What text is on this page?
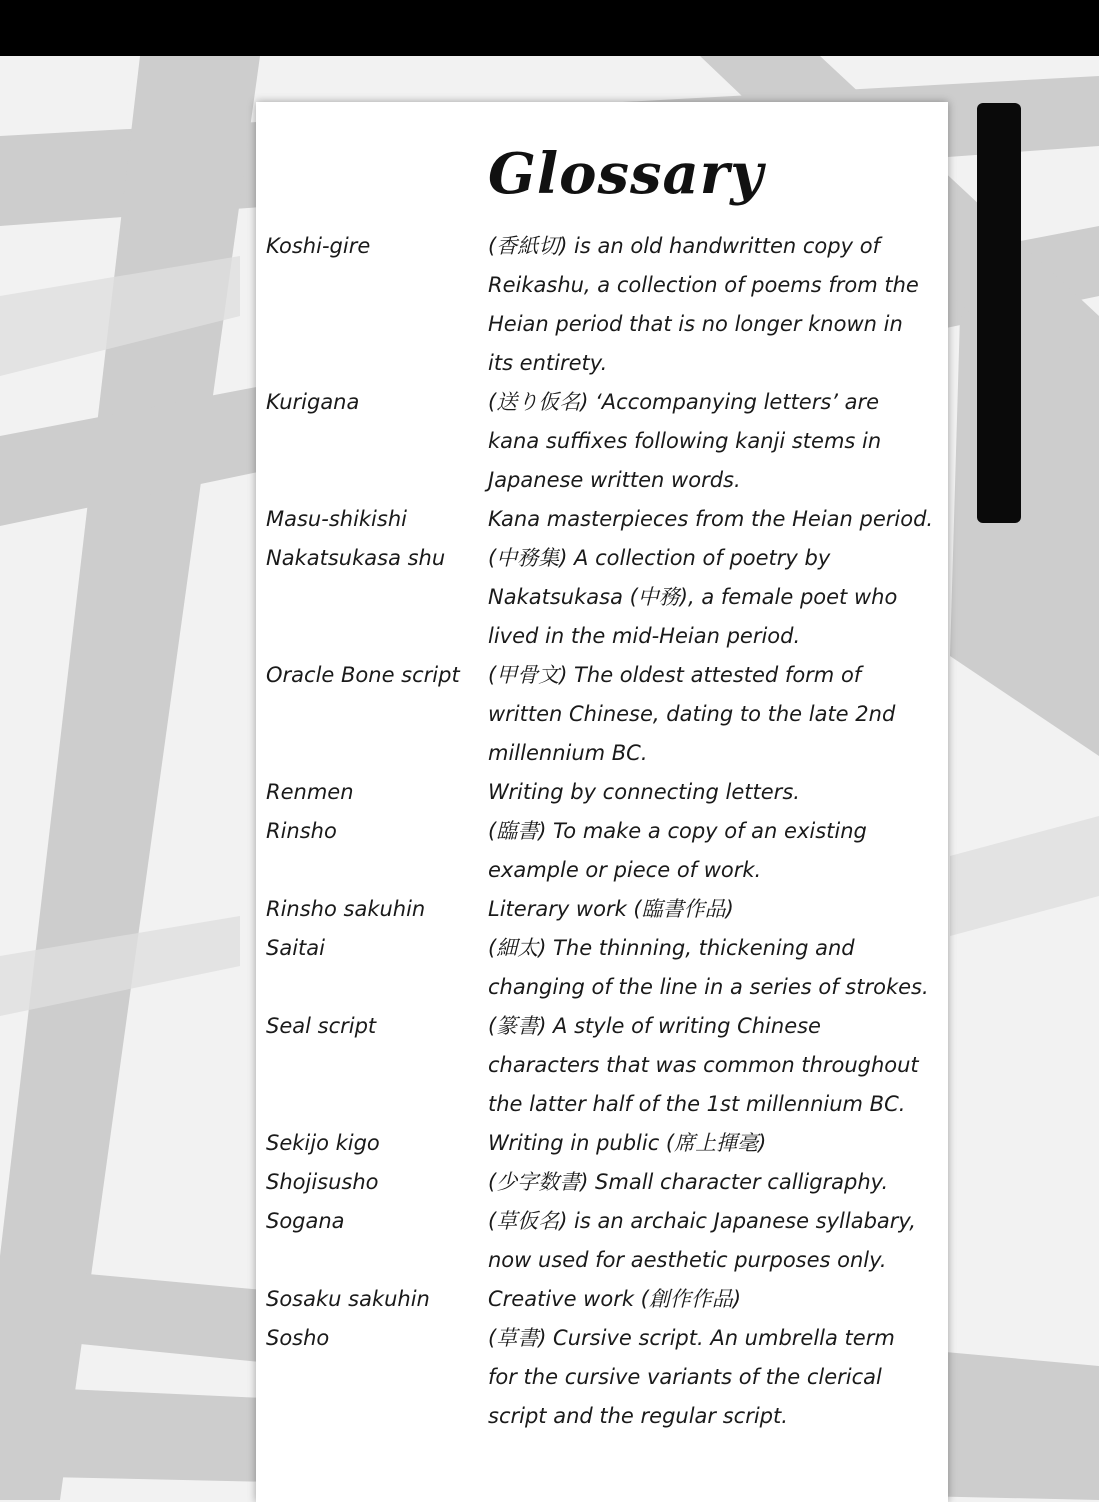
Glossary
Koshi-gire	(香紙切) is an old handwritten copy of
Reikashu, a collection of poems from the
Heian period that is no longer known in
its entirety.
Kurigana	(送り仮名) ‘Accompanying letters’ are
kana suffixes following kanji stems in
Japanese written words.
Masu-shikishi	Kana masterpieces from the Heian period.
Nakatsukasa shu	(中務集) A collection of poetry by
Nakatsukasa (中務), a female poet who
lived in the mid-Heian period.
Oracle Bone script	(甲骨文) The oldest attested form of
written Chinese, dating to the late 2nd
millennium BC.
Renmen	Writing by connecting letters.
Rinsho	(臨書) To make a copy of an existing
example or piece of work.
Rinsho sakuhin	Literary work (臨書作品)
Saitai	(細太) The thinning, thickening and
changing of the line in a series of strokes.
Seal script	(篆書) A style of writing Chinese
characters that was common throughout
the latter half of the 1st millennium BC.
Sekijo kigo	Writing in public (席上揮毫)
Shojisusho	(少字数書) Small character calligraphy.
Sogana	(草仮名) is an archaic Japanese syllabary,
now used for aesthetic purposes only.
Sosaku sakuhin	Creative work (創作作品)
Sosho	(草書) Cursive script. An umbrella term
for the cursive variants of the clerical
script and the regular script.
